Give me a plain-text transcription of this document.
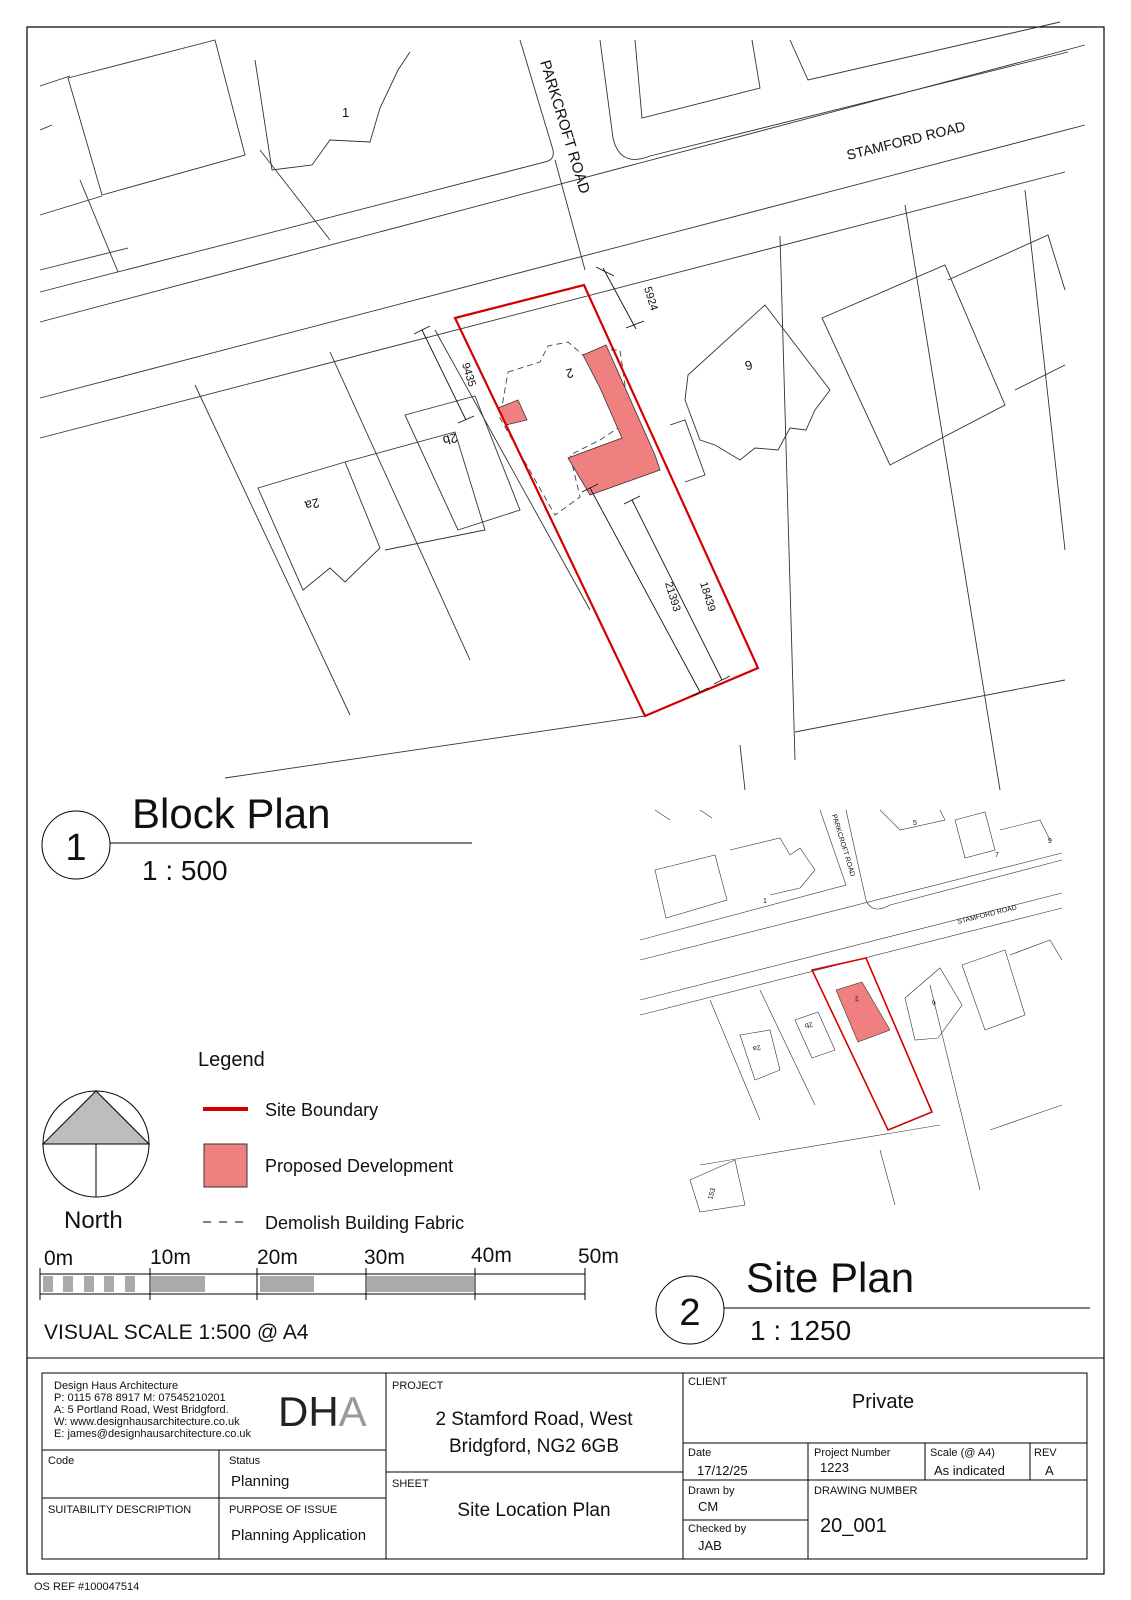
PARKCROFT ROAD	STAMFORD ROAD
1
2
2a
2b
6
5924
9435
21393 18439
1
Block Plan
1 : 500	PARKCROFT ROAD
STAMFORD ROAD
1
2
2a
2b
5
6
7
9
153
2
Site Plan
1 : 1250
Legend
Site Boundary
Proposed Development
Demolish Building Fabric
North
0m	10m	20m	30m	40m	50m
VISUAL SCALE 1:500 @ A4
Design Haus Architecture
P: 0115 678 8917 M: 07545210201
A: 5 Portland Road, West Bridgford.
W: www.designhausarchitecture.co.uk
E: james@designhausarchitecture.co.uk DHA
Code	Status
Planning
SUITABILITY DESCRIPTION	PURPOSE OF ISSUE
Planning Application
PROJECT
2 Stamford Road, West
Bridgford, NG2 6GB
SHEET
Site Location Plan
CLIENT
Private
Date
17/12/25
Project Number
1223
Scale (@ A4)
As indicated
REV
A
Drawn by
CM
Checked by
JAB
DRAWING NUMBER
20_001
OS REF #100047514
